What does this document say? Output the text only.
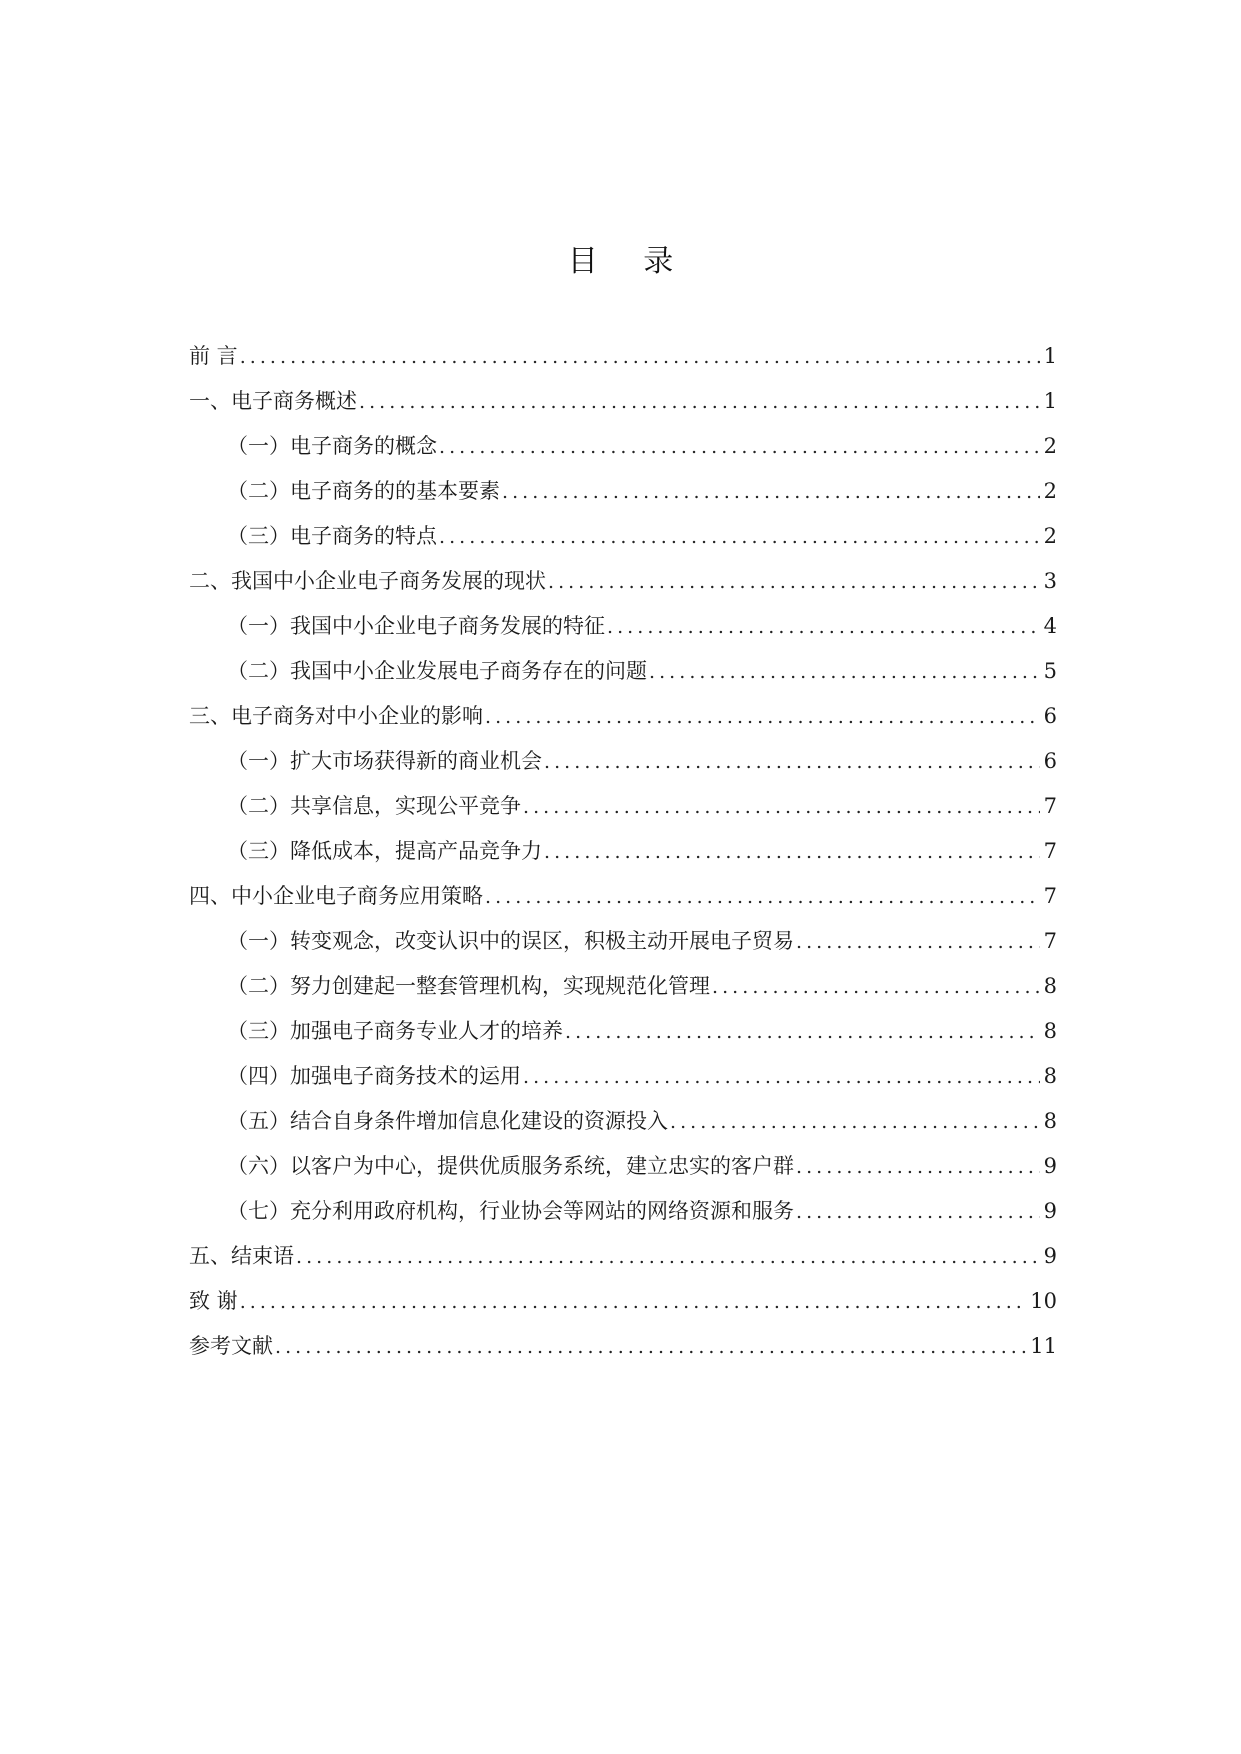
目 录
前 言 . . .	1
一、电子商务概述 . . .	1
（一）电子商务的概念 . . .	2
（二）电子商务的的基本要素 . . .	2
（三）电子商务的特点 . . .	2
二、我国中小企业电子商务发展的现状 . . .	3
（一）我国中小企业电子商务发展的特征 . . .	4
（二）我国中小企业发展电子商务存在的问题 . . .	5
三、电子商务对中小企业的影响 . . .	6
（一）扩大市场获得新的商业机会 . . .	6
（二）共享信息，实现公平竞争 . . .	7
（三）降低成本，提高产品竞争力 . . .	7
四、中小企业电子商务应用策略 . . .	7
（一）转变观念，改变认识中的误区，积极主动开展电子贸易 . . .	7
（二）努力创建起一整套管理机构，实现规范化管理 . . .	8
（三）加强电子商务专业人才的培养 . . .	8
（四）加强电子商务技术的运用 . . .	8
（五）结合自身条件增加信息化建设的资源投入 . . .	8
（六）以客户为中心，提供优质服务系统，建立忠实的客户群 . . .	9
（七）充分利用政府机构，行业协会等网站的网络资源和服务 . . .	9
五、结束语 . . .	9
致 谢 . . .	10
参考文献 . . .	11
